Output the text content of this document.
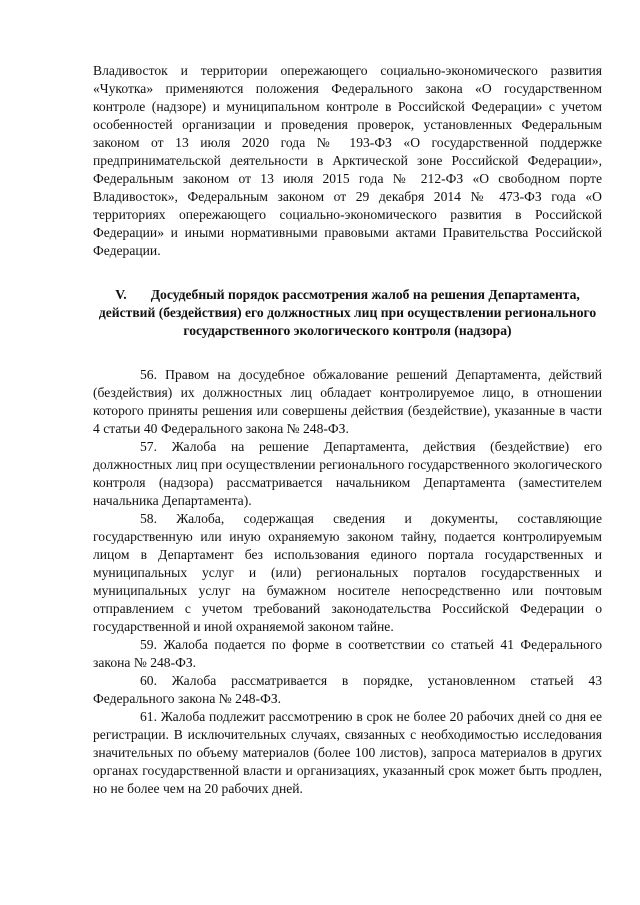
Владивосток и территории опережающего социально-экономического развития «Чукотка» применяются положения Федерального закона «О государственном контроле (надзоре) и муниципальном контроле в Российской Федерации» с учетом особенностей организации и проведения проверок, установленных Федеральным законом от 13 июля 2020 года № 193-ФЗ «О государственной поддержке предпринимательской деятельности в Арктической зоне Российской Федерации», Федеральным законом от 13 июля 2015 года № 212-ФЗ «О свободном порте Владивосток», Федеральным законом от 29 декабря 2014 № 473-ФЗ года «О территориях опережающего социально-экономического развития в Российской Федерации» и иными нормативными правовыми актами Правительства Российской Федерации.

V. Досудебный порядок рассмотрения жалоб на решения Департамента, действий (бездействия) его должностных лиц при осуществлении регионального государственного экологического контроля (надзора)

56. Правом на досудебное обжалование решений Департамента, действий (бездействия) их должностных лиц обладает контролируемое лицо, в отношении которого приняты решения или совершены действия (бездействие), указанные в части 4 статьи 40 Федерального закона № 248-ФЗ.

57. Жалоба на решение Департамента, действия (бездействие) его должностных лиц при осуществлении регионального государственного экологического контроля (надзора) рассматривается начальником Департамента (заместителем начальника Департамента).

58. Жалоба, содержащая сведения и документы, составляющие государственную или иную охраняемую законом тайну, подается контролируемым лицом в Департамент без использования единого портала государственных и муниципальных услуг и (или) региональных порталов государственных и муниципальных услуг на бумажном носителе непосредственно или почтовым отправлением с учетом требований законодательства Российской Федерации о государственной и иной охраняемой законом тайне.

59. Жалоба подается по форме в соответствии со статьей 41 Федерального закона № 248-ФЗ.

60. Жалоба рассматривается в порядке, установленном статьей 43 Федерального закона № 248-ФЗ.

61. Жалоба подлежит рассмотрению в срок не более 20 рабочих дней со дня ее регистрации. В исключительных случаях, связанных с необходимостью исследования значительных по объему материалов (более 100 листов), запроса материалов в других органах государственной власти и организациях, указанный срок может быть продлен, но не более чем на 20 рабочих дней.
